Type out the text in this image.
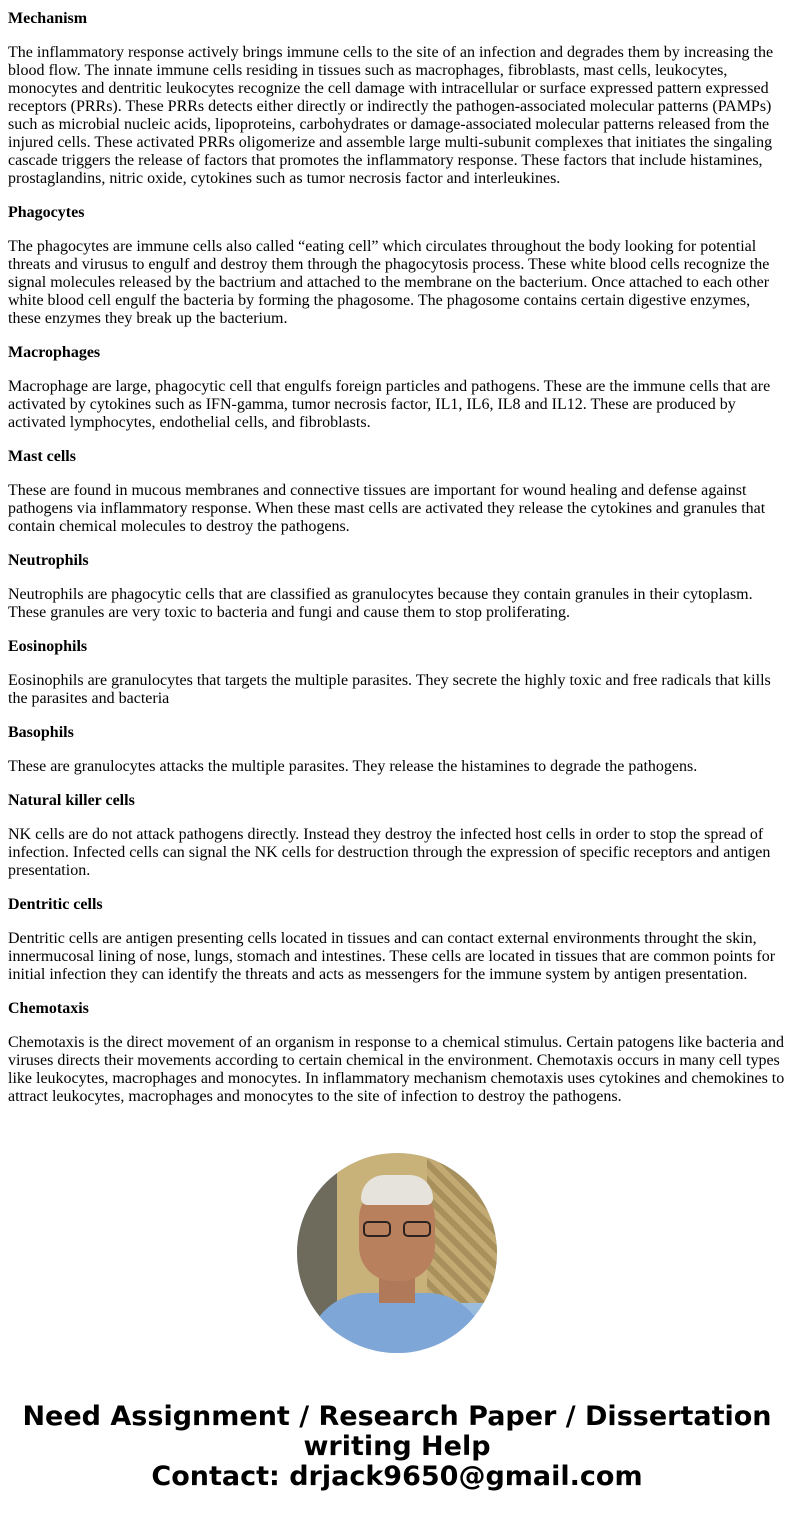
Mechanism
The inflammatory response actively brings immune cells to the site of an infection and degrades them by increasing the blood flow. The innate immune cells residing in tissues such as macrophages, fibroblasts, mast cells, leukocytes, monocytes and dentritic leukocytes recognize the cell damage with intracellular or surface expressed pattern expressed receptors (PRRs). These PRRs detects either directly or indirectly the pathogen-associated molecular patterns (PAMPs) such as microbial nucleic acids, lipoproteins, carbohydrates or damage-associated molecular patterns released from the injured cells. These activated PRRs oligomerize and assemble large multi-subunit complexes that initiates the singaling cascade triggers the release of factors that promotes the inflammatory response. These factors that include histamines, prostaglandins, nitric oxide, cytokines such as tumor necrosis factor and interleukines.
Phagocytes
The phagocytes are immune cells also called “eating cell” which circulates throughout the body looking for potential threats and virusus to engulf and destroy them through the phagocytosis process. These white blood cells recognize the signal molecules released by the bactrium and attached to the membrane on the bacterium. Once attached to each other white blood cell engulf the bacteria by forming the phagosome. The phagosome contains certain digestive enzymes, these enzymes they break up the bacterium.
Macrophages
Macrophage are large, phagocytic cell that engulfs foreign particles and pathogens. These are the immune cells that are activated by cytokines such as IFN-gamma, tumor necrosis factor, IL1, IL6, IL8 and IL12. These are produced by activated lymphocytes, endothelial cells, and fibroblasts.
Mast cells
These are found in mucous membranes and connective tissues are important for wound healing and defense against pathogens via inflammatory response. When these mast cells are activated they release the cytokines and granules that contain chemical molecules to destroy the pathogens.
Neutrophils
Neutrophils are phagocytic cells that are classified as granulocytes because they contain granules in their cytoplasm. These granules are very toxic to bacteria and fungi and cause them to stop proliferating.
Eosinophils
Eosinophils are granulocytes that targets the multiple parasites. They secrete the highly toxic and free radicals that kills the parasites and bacteria
Basophils
These are granulocytes attacks the multiple parasites. They release the histamines to degrade the pathogens.
Natural killer cells
NK cells are do not attack pathogens directly. Instead they destroy the infected host cells in order to stop the spread of infection. Infected cells can signal the NK cells for destruction through the expression of specific receptors and antigen presentation.
Dentritic cells
Dentritic cells are antigen presenting cells located in tissues and can contact external environments throught the skin, innermucosal lining of nose, lungs, stomach and intestines. These cells are located in tissues that are common points for initial infection they can identify the threats and acts as messengers for the immune system by antigen presentation.
Chemotaxis
Chemotaxis is the direct movement of an organism in response to a chemical stimulus. Certain patogens like bacteria and viruses directs their movements according to certain chemical in the environment. Chemotaxis occurs in many cell types like leukocytes, macrophages and monocytes. In inflammatory mechanism chemotaxis uses cytokines and chemokines to attract leukocytes, macrophages and monocytes to the site of infection to destroy the pathogens.
Need Assignment / Research Paper / Dissertation writing Help
Contact: drjack9650@gmail.com
